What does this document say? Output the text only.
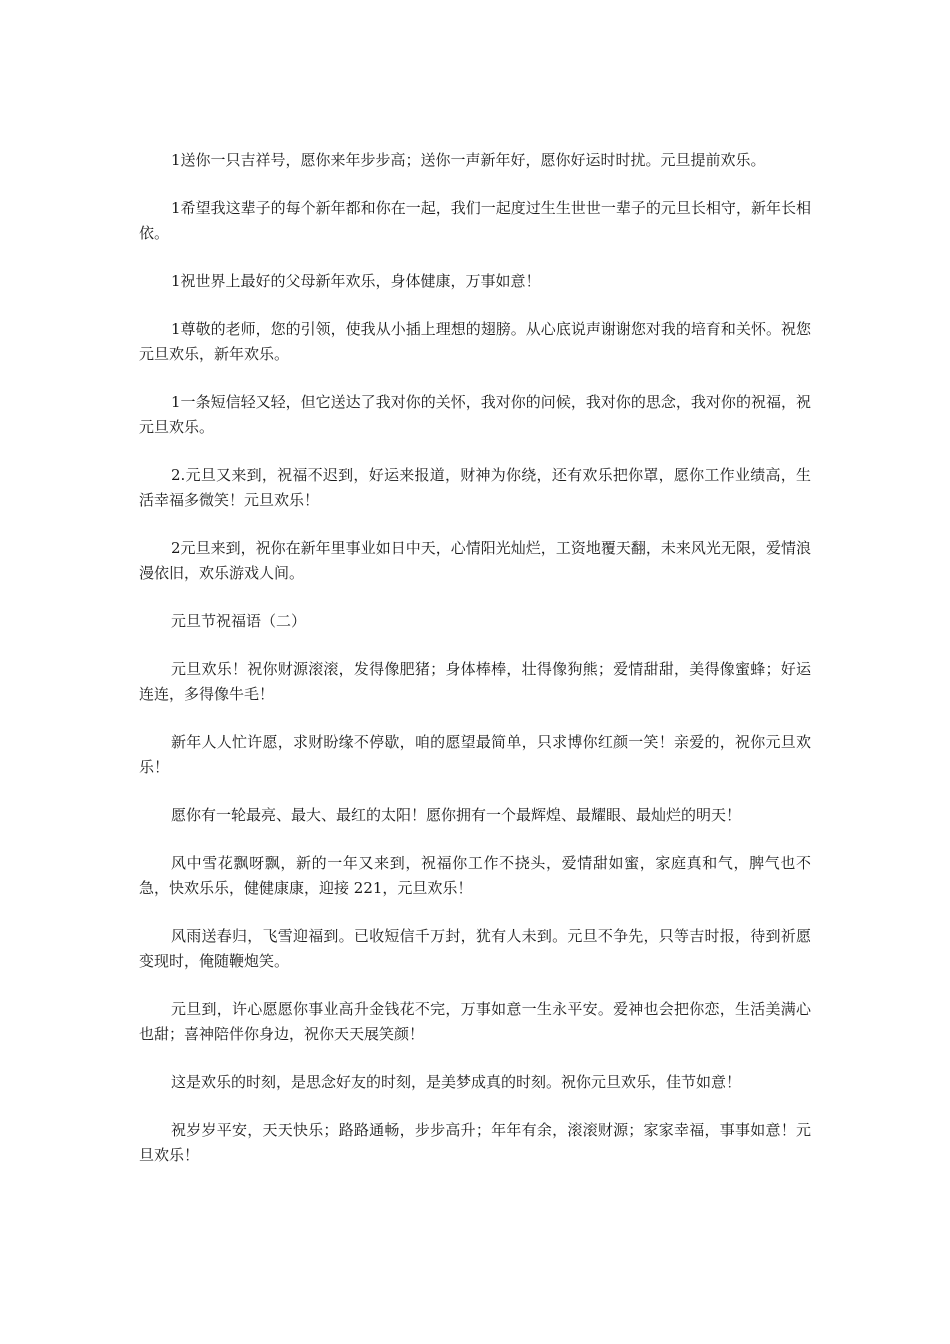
1送你一只吉祥号，愿你来年步步高；送你一声新年好，愿你好运时时扰。元旦提前欢乐。

1希望我这辈子的每个新年都和你在一起，我们一起度过生生世世一辈子的元旦长相守，新年长相依。

1祝世界上最好的父母新年欢乐，身体健康，万事如意！

1尊敬的老师，您的引领，使我从小插上理想的翅膀。从心底说声谢谢您对我的培育和关怀。祝您元旦欢乐，新年欢乐。

1一条短信轻又轻，但它送达了我对你的关怀，我对你的问候，我对你的思念，我对你的祝福，祝元旦欢乐。

2.元旦又来到，祝福不迟到，好运来报道，财神为你绕，还有欢乐把你罩，愿你工作业绩高，生活幸福多微笑！元旦欢乐！

2元旦来到，祝你在新年里事业如日中天，心情阳光灿烂，工资地覆天翻，未来风光无限，爱情浪漫依旧，欢乐游戏人间。

元旦节祝福语（二）

元旦欢乐！祝你财源滚滚，发得像肥猪；身体棒棒，壮得像狗熊；爱情甜甜，美得像蜜蜂；好运连连，多得像牛毛！

新年人人忙许愿，求财盼缘不停歇，咱的愿望最简单，只求博你红颜一笑！亲爱的，祝你元旦欢乐！

愿你有一轮最亮、最大、最红的太阳！愿你拥有一个最辉煌、最耀眼、最灿烂的明天！

风中雪花飘呀飘，新的一年又来到，祝福你工作不挠头，爱情甜如蜜，家庭真和气，脾气也不急，快欢乐乐，健健康康，迎接 221，元旦欢乐！

风雨送春归，飞雪迎福到。已收短信千万封，犹有人未到。元旦不争先，只等吉时报，待到祈愿变现时，俺随鞭炮笑。

元旦到，许心愿愿你事业高升金钱花不完，万事如意一生永平安。爱神也会把你恋，生活美满心也甜；喜神陪伴你身边，祝你天天展笑颜！

这是欢乐的时刻，是思念好友的时刻，是美梦成真的时刻。祝你元旦欢乐，佳节如意！

祝岁岁平安，天天快乐；路路通畅，步步高升；年年有余，滚滚财源；家家幸福，事事如意！元旦欢乐！
